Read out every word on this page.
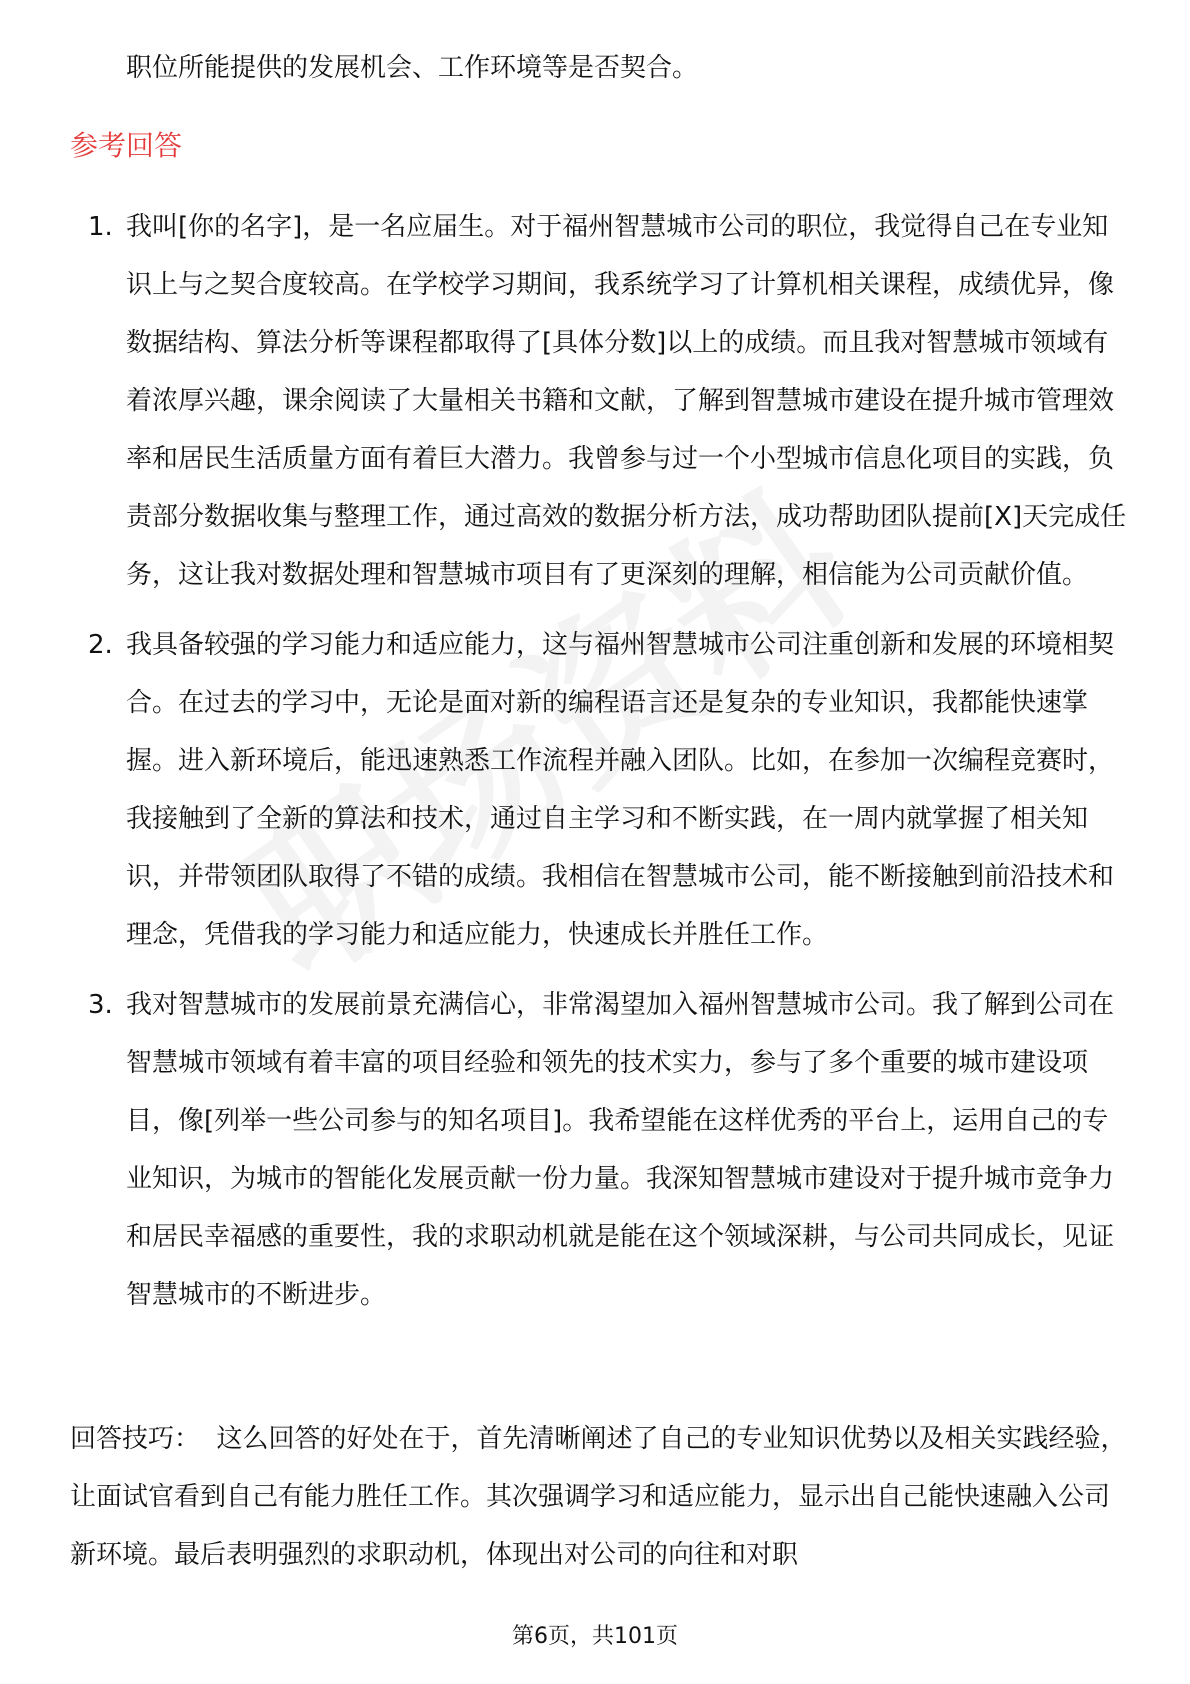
职位所能提供的发展机会、工作环境等是否契合。

参考回答
1. 我叫[你的名字]，是一名应届生。对于福州智慧城市公司的职位，我觉得自己在专业知识上与之契合度较高。在学校学习期间，我系统学习了计算机相关课程，成绩优异，像数据结构、算法分析等课程都取得了[具体分数]以上的成绩。而且我对智慧城市领域有着浓厚兴趣，课余阅读了大量相关书籍和文献，了解到智慧城市建设在提升城市管理效率和居民生活质量方面有着巨大潜力。我曾参与过一个小型城市信息化项目的实践，负责部分数据收集与整理工作，通过高效的数据分析方法，成功帮助团队提前[X]天完成任务，这让我对数据处理和智慧城市项目有了更深刻的理解，相信能为公司贡献价值。
2. 我具备较强的学习能力和适应能力，这与福州智慧城市公司注重创新和发展的环境相契合。在过去的学习中，无论是面对新的编程语言还是复杂的专业知识，我都能快速掌握。进入新环境后，能迅速熟悉工作流程并融入团队。比如，在参加一次编程竞赛时，我接触到了全新的算法和技术，通过自主学习和不断实践，在一周内就掌握了相关知识，并带领团队取得了不错的成绩。我相信在智慧城市公司，能不断接触到前沿技术和理念，凭借我的学习能力和适应能力，快速成长并胜任工作。
3. 我对智慧城市的发展前景充满信心，非常渴望加入福州智慧城市公司。我了解到公司在智慧城市领域有着丰富的项目经验和领先的技术实力，参与了多个重要的城市建设项目，像[列举一些公司参与的知名项目]。我希望能在这样优秀的平台上，运用自己的专业知识，为城市的智能化发展贡献一份力量。我深知智慧城市建设对于提升城市竞争力和居民幸福感的重要性，我的求职动机就是能在这个领域深耕，与公司共同成长，见证智慧城市的不断进步。

回答技巧： 这么回答的好处在于，首先清晰阐述了自己的专业知识优势以及相关实践经验，让面试官看到自己有能力胜任工作。其次强调学习和适应能力，显示出自己能快速融入公司新环境。最后表明强烈的求职动机，体现出对公司的向往和对职

第6页，共101页
